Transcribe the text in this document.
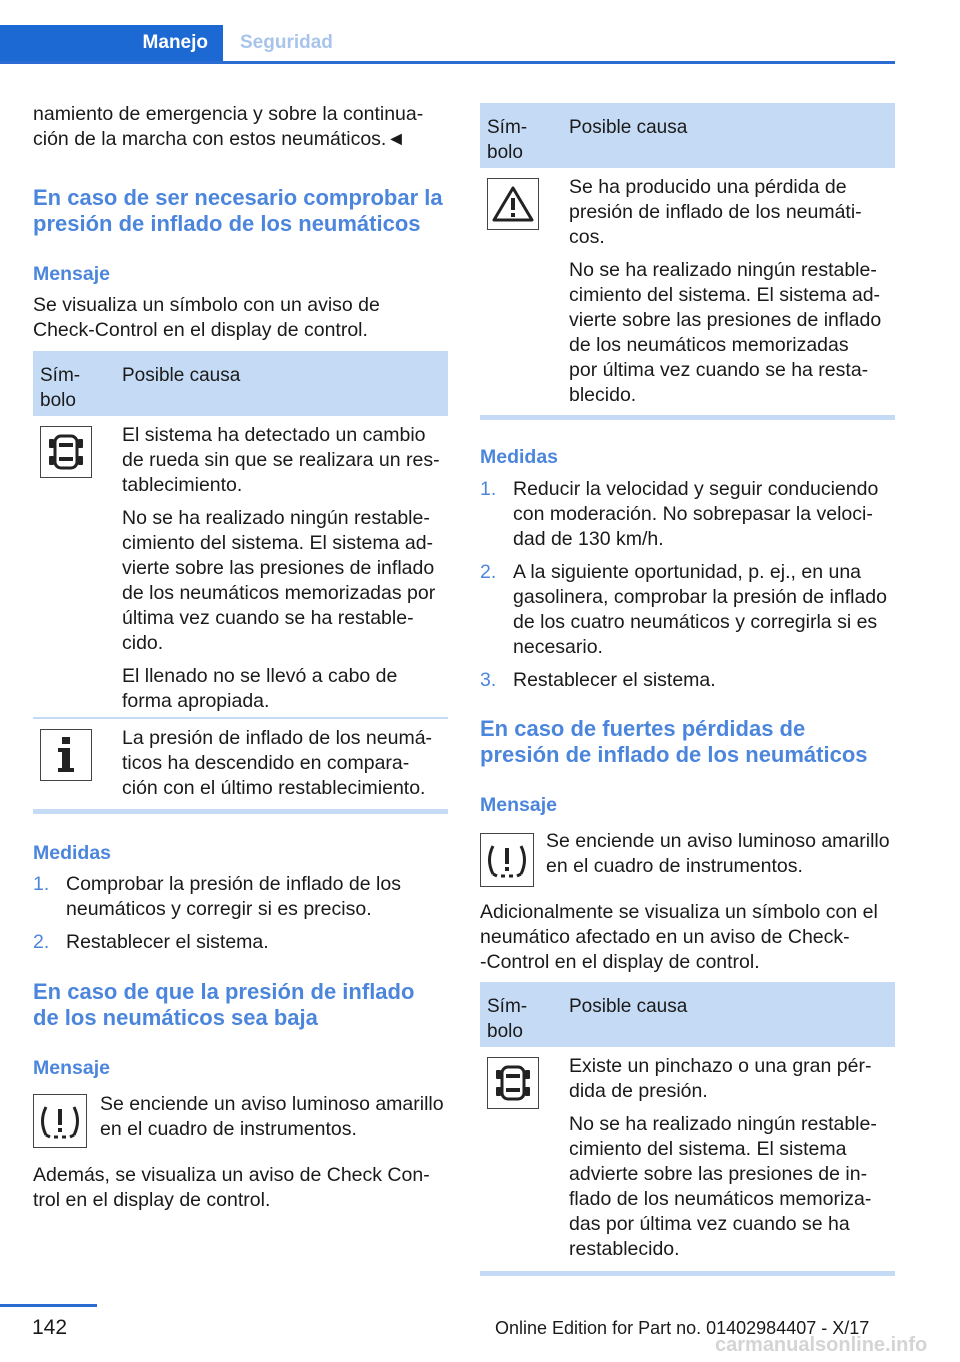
Manejo	Seguridad

namiento de emergencia y sobre la continua-
ción de la marcha con estos neumáticos.◄

En caso de ser necesario comprobar la
presión de inflado de los neumáticos
Mensaje

Se visualiza un símbolo con un aviso de
Check-Control en el display de control.

Sím-
bolo
Posible causa

El sistema ha detectado un cambio
de rueda sin que se realizara un res-
tablecimiento.

No se ha realizado ningún restable-
cimiento del sistema. El sistema ad-
vierte sobre las presiones de inflado
de los neumáticos memorizadas por
última vez cuando se ha restable-
cido.

El llenado no se llevó a cabo de
forma apropiada.

La presión de inflado de los neumá-
ticos ha descendido en compara-
ción con el último restablecimiento.

Medidas
1. Comprobar la presión de inflado de los
neumáticos y corregir si es preciso.
2. Restablecer el sistema.
En caso de que la presión de inflado
de los neumáticos sea baja
Mensaje

Se enciende un aviso luminoso amarillo
en el cuadro de instrumentos.

Además, se visualiza un aviso de Check Con-
trol en el display de control.

Sím-
bolo
Posible causa

Se ha producido una pérdida de
presión de inflado de los neumáti-
cos.

No se ha realizado ningún restable-
cimiento del sistema. El sistema ad-
vierte sobre las presiones de inflado
de los neumáticos memorizadas
por última vez cuando se ha resta-
blecido.

Medidas
1. Reducir la velocidad y seguir conduciendo
con moderación. No sobrepasar la veloci-
dad de 130 km/h.
2. A la siguiente oportunidad, p. ej., en una
gasolinera, comprobar la presión de inflado
de los cuatro neumáticos y corregirla si es
necesario.
3. Restablecer el sistema.
En caso de fuertes pérdidas de
presión de inflado de los neumáticos
Mensaje

Se enciende un aviso luminoso amarillo
en el cuadro de instrumentos.

Adicionalmente se visualiza un símbolo con el
neumático afectado en un aviso de Check-
-Control en el display de control.

Sím-
bolo
Posible causa

Existe un pinchazo o una gran pér-
dida de presión.

No se ha realizado ningún restable-
cimiento del sistema. El sistema
advierte sobre las presiones de in-
flado de los neumáticos memoriza-
das por última vez cuando se ha
restablecido.

142	Online Edition for Part no. 01402984407 - X/17
carmanualsonline.info
